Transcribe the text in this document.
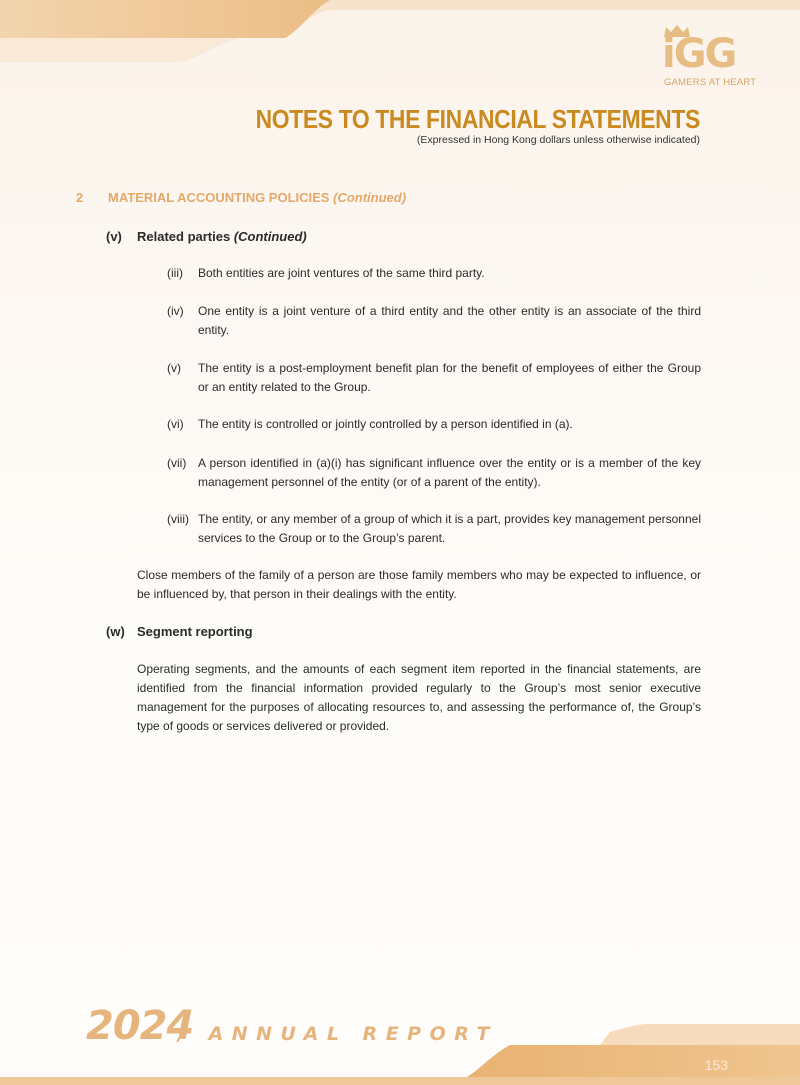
iGG
GAMERS AT HEART
NOTES TO THE FINANCIAL STATEMENTS
(Expressed in Hong Kong dollars unless otherwise indicated)
2 MATERIAL ACCOUNTING POLICIES (Continued)
(v) Related parties (Continued)
(iii) Both entities are joint ventures of the same third party.
(iv) One entity is a joint venture of a third entity and the other entity is an associate of the third entity.
(v) The entity is a post-employment benefit plan for the benefit of employees of either the Group or an entity related to the Group.
(vi) The entity is controlled or jointly controlled by a person identified in (a).
(vii) A person identified in (a)(i) has significant influence over the entity or is a member of the key management personnel of the entity (or of a parent of the entity).
(viii) The entity, or any member of a group of which it is a part, provides key management personnel services to the Group or to the Group’s parent.
Close members of the family of a person are those family members who may be expected to influence, or be influenced by, that person in their dealings with the entity.
(w) Segment reporting
Operating segments, and the amounts of each segment item reported in the financial statements, are identified from the financial information provided regularly to the Group’s most senior executive management for the purposes of allocating resources to, and assessing the performance of, the Group’s type of goods or services delivered or provided.
2024
/ ANNUAL REPORT
153
